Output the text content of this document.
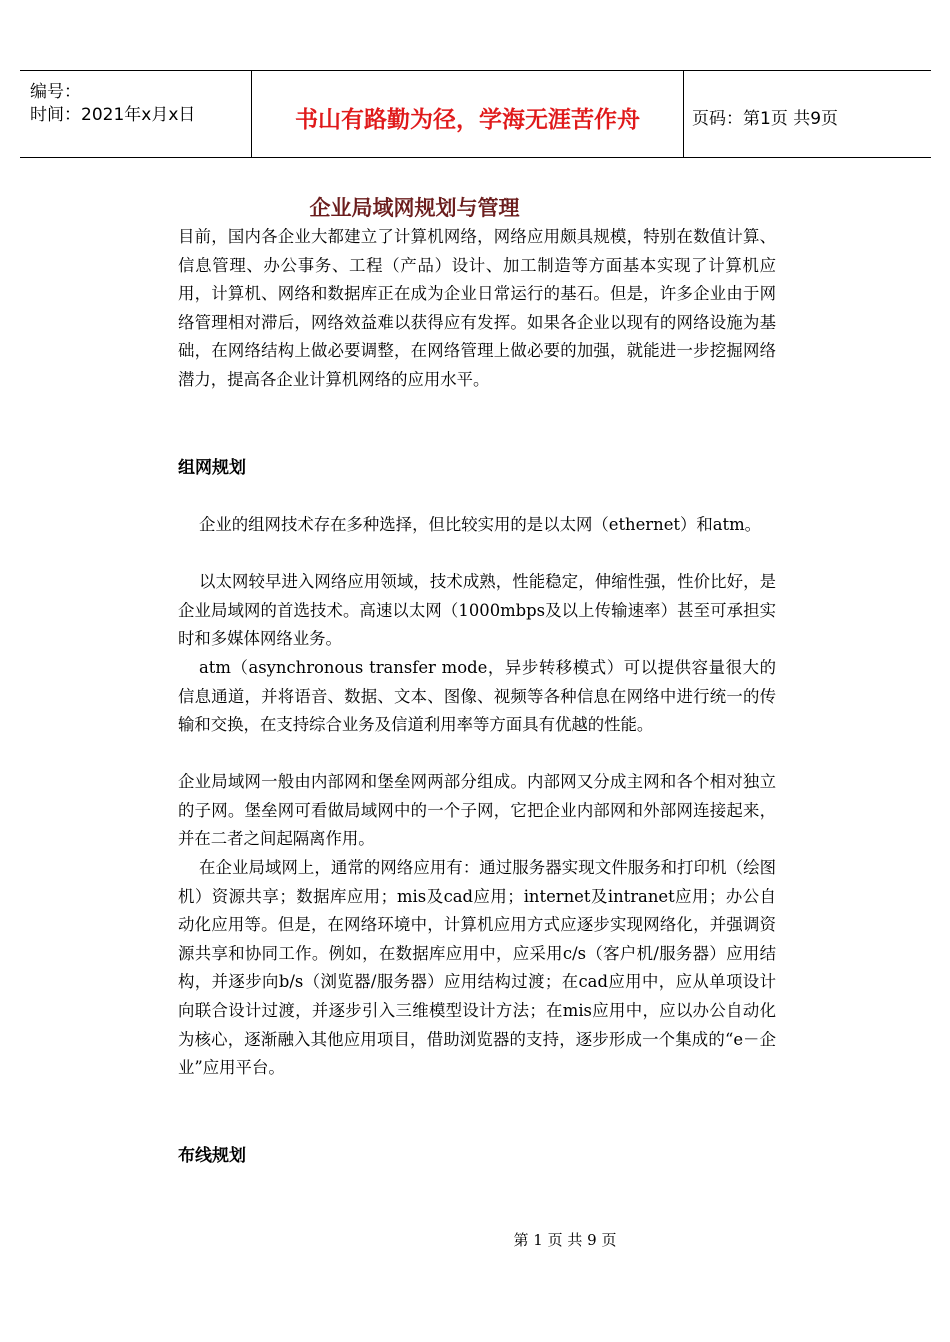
编号：
时间：2021年x月x日	书山有路勤为径，学海无涯苦作舟	页码：第1页 共9页
企业局域网规划与管理
目前，国内各企业大都建立了计算机网络，网络应用颇具规模，特别在数值计算、信息管理、办公事务、工程（产品）设计、加工制造等方面基本实现了计算机应用，计算机、网络和数据库正在成为企业日常运行的基石。但是，许多企业由于网络管理相对滞后，网络效益难以获得应有发挥。如果各企业以现有的网络设施为基础，在网络结构上做必要调整，在网络管理上做必要的加强，就能进一步挖掘网络潜力，提高各企业计算机网络的应用水平。
组网规划
企业的组网技术存在多种选择，但比较实用的是以太网（ethernet）和atm。
以太网较早进入网络应用领域，技术成熟，性能稳定，伸缩性强，性价比好，是企业局域网的首选技术。高速以太网（1000mbps及以上传输速率）甚至可承担实时和多媒体网络业务。
atm（asynchronous transfer mode，异步转移模式）可以提供容量很大的信息通道，并将语音、数据、文本、图像、视频等各种信息在网络中进行统一的传输和交换，在支持综合业务及信道利用率等方面具有优越的性能。
企业局域网一般由内部网和堡垒网两部分组成。内部网又分成主网和各个相对独立的子网。堡垒网可看做局域网中的一个子网，它把企业内部网和外部网连接起来，并在二者之间起隔离作用。
在企业局域网上，通常的网络应用有：通过服务器实现文件服务和打印机（绘图机）资源共享；数据库应用；mis及cad应用；internet及intranet应用；办公自动化应用等。但是，在网络环境中，计算机应用方式应逐步实现网络化，并强调资源共享和协同工作。例如，在数据库应用中，应采用c/s（客户机/服务器）应用结构，并逐步向b/s（浏览器/服务器）应用结构过渡；在cad应用中，应从单项设计向联合设计过渡，并逐步引入三维模型设计方法；在mis应用中，应以办公自动化为核心，逐渐融入其他应用项目，借助浏览器的支持，逐步形成一个集成的“e－企业”应用平台。
布线规划
第 1 页 共 9 页
